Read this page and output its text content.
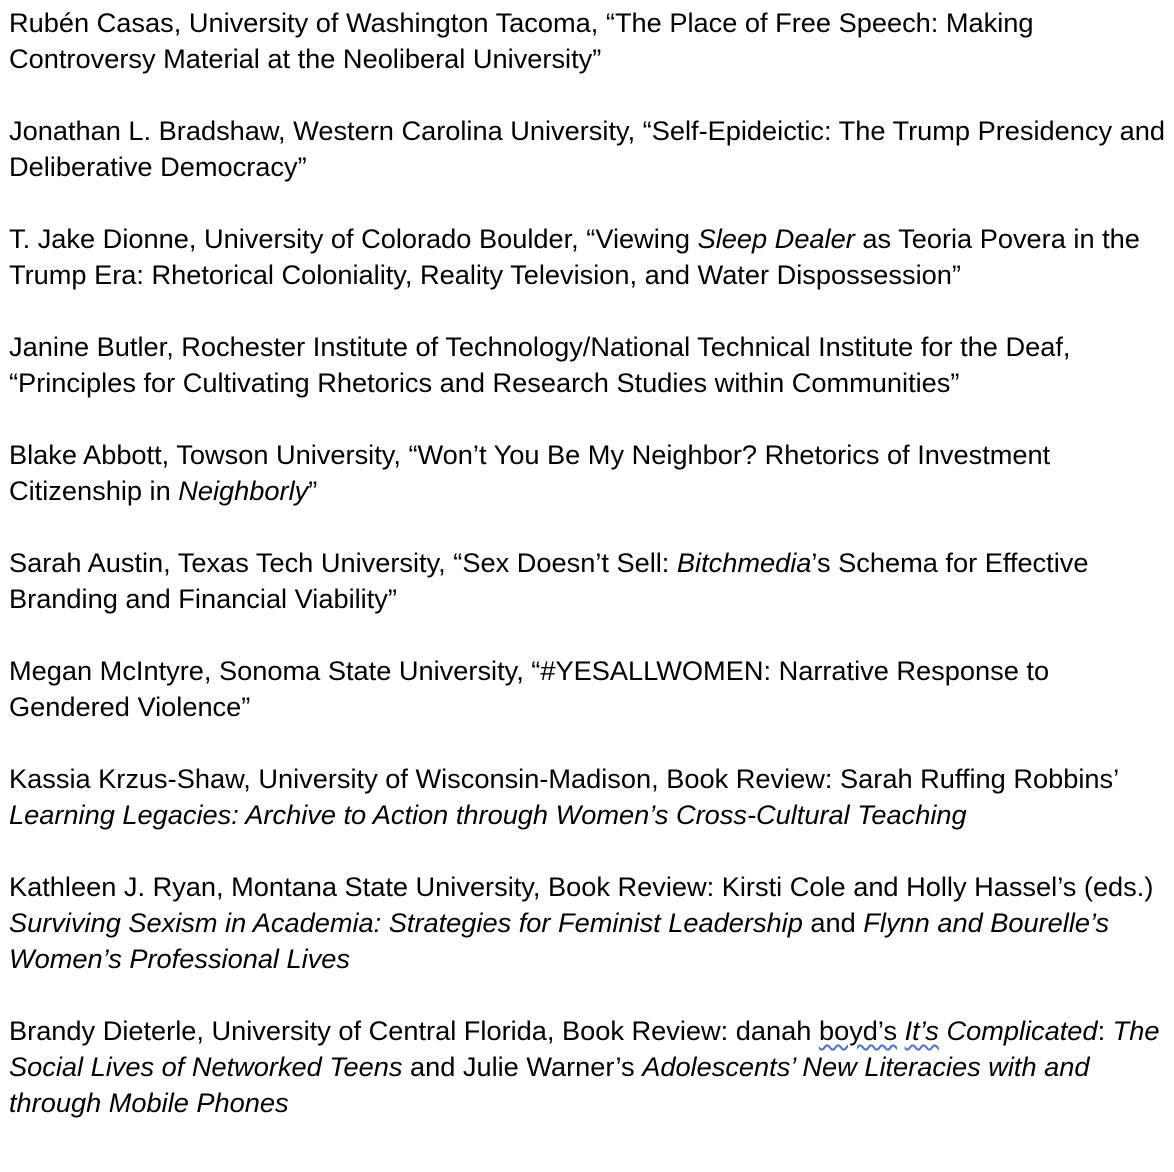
Rubén Casas, University of Washington Tacoma, “The Place of Free Speech: Making Controversy Material at the Neoliberal University”

Jonathan L. Bradshaw, Western Carolina University, “Self-Epideictic: The Trump Presidency and Deliberative Democracy”

T. Jake Dionne, University of Colorado Boulder, “Viewing Sleep Dealer as Teoria Povera in the Trump Era: Rhetorical Coloniality, Reality Television, and Water Dispossession”

Janine Butler, Rochester Institute of Technology/National Technical Institute for the Deaf, “Principles for Cultivating Rhetorics and Research Studies within Communities”

Blake Abbott, Towson University, “Won’t You Be My Neighbor? Rhetorics of Investment Citizenship in Neighborly”

Sarah Austin, Texas Tech University, “Sex Doesn’t Sell: Bitchmedia’s Schema for Effective Branding and Financial Viability”

Megan McIntyre, Sonoma State University, “#YESALLWOMEN: Narrative Response to Gendered Violence”

Kassia Krzus-Shaw, University of Wisconsin-Madison, Book Review: Sarah Ruffing Robbins’ Learning Legacies: Archive to Action through Women’s Cross-Cultural Teaching

Kathleen J. Ryan, Montana State University, Book Review: Kirsti Cole and Holly Hassel’s (eds.) Surviving Sexism in Academia: Strategies for Feminist Leadership and Flynn and Bourelle’s Women’s Professional Lives

Brandy Dieterle, University of Central Florida, Book Review: danah boyd’s It’s Complicated: The Social Lives of Networked Teens and Julie Warner’s Adolescents’ New Literacies with and through Mobile Phones
